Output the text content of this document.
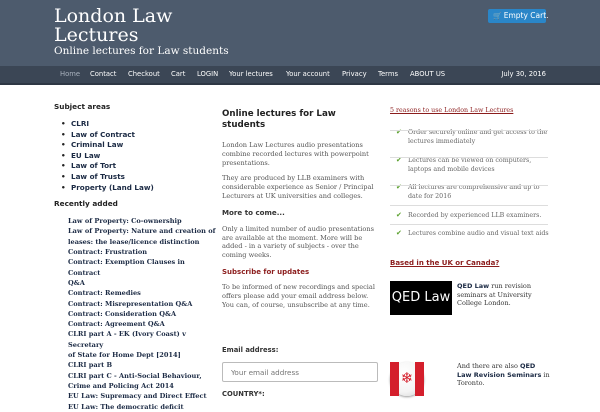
London Law Lectures
Online lectures for Law students
🛒 Empty Cart.
Home Contact Checkout Cart LOGIN Your lectures Your account Privacy Terms ABOUT US	July 30, 2016
Subject areas
• CLRI
• Law of Contract
• Criminal Law
• EU Law
• Law of Tort
• Law of Trusts
• Property (Land Law)
Recently added
Law of Property: Co-ownership
Law of Property: Nature and creation of
leases: the lease/licence distinction
Contract: Frustration
Contract: Exemption Clauses in Contract
Q&A
Contract: Remedies
Contract: Misrepresentation Q&A
Contract: Consideration Q&A
Contract: Agreement Q&A
CLRI part A - EK (Ivory Coast) v Secretary
of State for Home Dept [2014]
CLRI part B
CLRI part C - Anti-Social Behaviour,
Crime and Policing Act 2014
EU Law: Supremacy and Direct Effect
EU Law: The democratic deficit
Online lectures for Law students
London Law Lectures audio presentations combine recorded lectures with powerpoint presentations.
They are produced by LLB examiners with considerable experience as Senior / Principal Lecturers at UK universities and colleges.
More to come...
Only a limited number of audio presentations are available at the moment. More will be added - in a variety of subjects - over the coming weeks.
Subscribe for updates
To be informed of new recordings and special offers please add your email address below. You can, of course, unsubscribe at any time.
Email address:
Your email address
COUNTRY*:
5 reasons to use London Law Lectures
✔ Order securely online and get access to the lectures immediately
✔ Lectures can be viewed on computers, laptops and mobile devices
✔ All lectures are comprehensive and up to date for 2016
✔ Recorded by experienced LLB examiners.
✔ Lectures combine audio and visual text aids
Based in the UK or Canada?
QED Law
QED Law run revision seminars at University College London.
❄
And there are also QED Law Revision Seminars in Toronto.
